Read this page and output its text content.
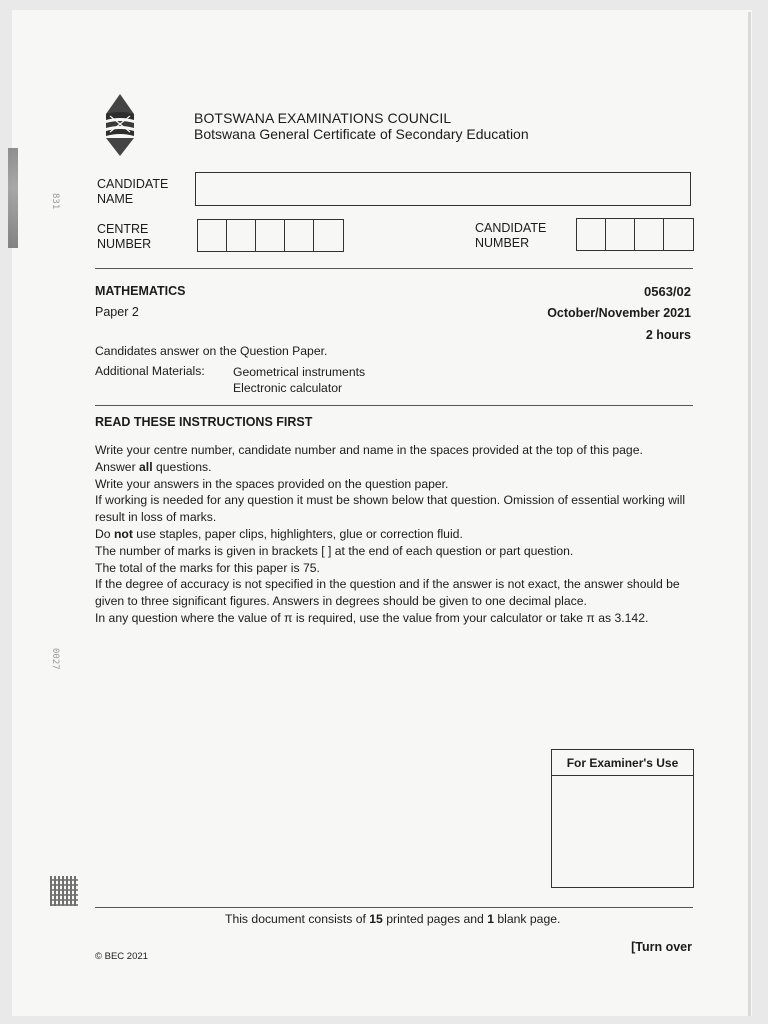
831
0027
BOTSWANA EXAMINATIONS COUNCIL
Botswana General Certificate of Secondary Education
CANDIDATE
NAME
CENTRE
NUMBER
CANDIDATE
NUMBER
MATHEMATICS	0563/02
Paper 2	October/November 2021
2 hours
Candidates answer on the Question Paper.
Additional Materials: Geometrical instruments
Electronic calculator
READ THESE INSTRUCTIONS FIRST

Write your centre number, candidate number and name in the spaces provided at the top of this page.

Answer all questions.

Write your answers in the spaces provided on the question paper.

If working is needed for any question it must be shown below that question. Omission of essential working will result in loss of marks.

Do not use staples, paper clips, highlighters, glue or correction fluid.

The number of marks is given in brackets [ ] at the end of each question or part question.

The total of the marks for this paper is 75.

If the degree of accuracy is not specified in the question and if the answer is not exact, the answer should be given to three significant figures. Answers in degrees should be given to one decimal place.

In any question where the value of π is required, use the value from your calculator or take π as 3.142.

For Examiner's Use
This document consists of 15 printed pages and 1 blank page.
[Turn over
© BEC 2021
